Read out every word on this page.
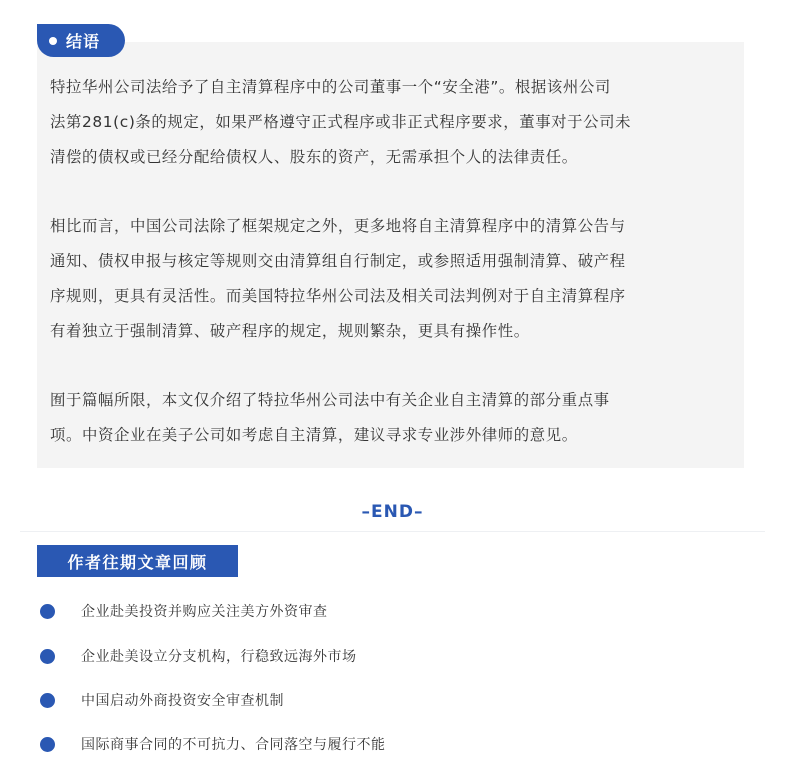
结语

特拉华州公司法给予了自主清算程序中的公司董事一个“安全港”。根据该州公司
法第281(c)条的规定，如果严格遵守正式程序或非正式程序要求，董事对于公司未
清偿的债权或已经分配给债权人、股东的资产，无需承担个人的法律责任。

相比而言，中国公司法除了框架规定之外，更多地将自主清算程序中的清算公告与
通知、债权申报与核定等规则交由清算组自行制定，或参照适用强制清算、破产程
序规则，更具有灵活性。而美国特拉华州公司法及相关司法判例对于自主清算程序
有着独立于强制清算、破产程序的规定，规则繁杂，更具有操作性。

囿于篇幅所限，本文仅介绍了特拉华州公司法中有关企业自主清算的部分重点事
项。中资企业在美子公司如考虑自主清算，建议寻求专业涉外律师的意见。

–END–
作者往期文章回顾
企业赴美投资并购应关注美方外资审查
企业赴美设立分支机构，行稳致远海外市场
中国启动外商投资安全审查机制
国际商事合同的不可抗力、合同落空与履行不能
